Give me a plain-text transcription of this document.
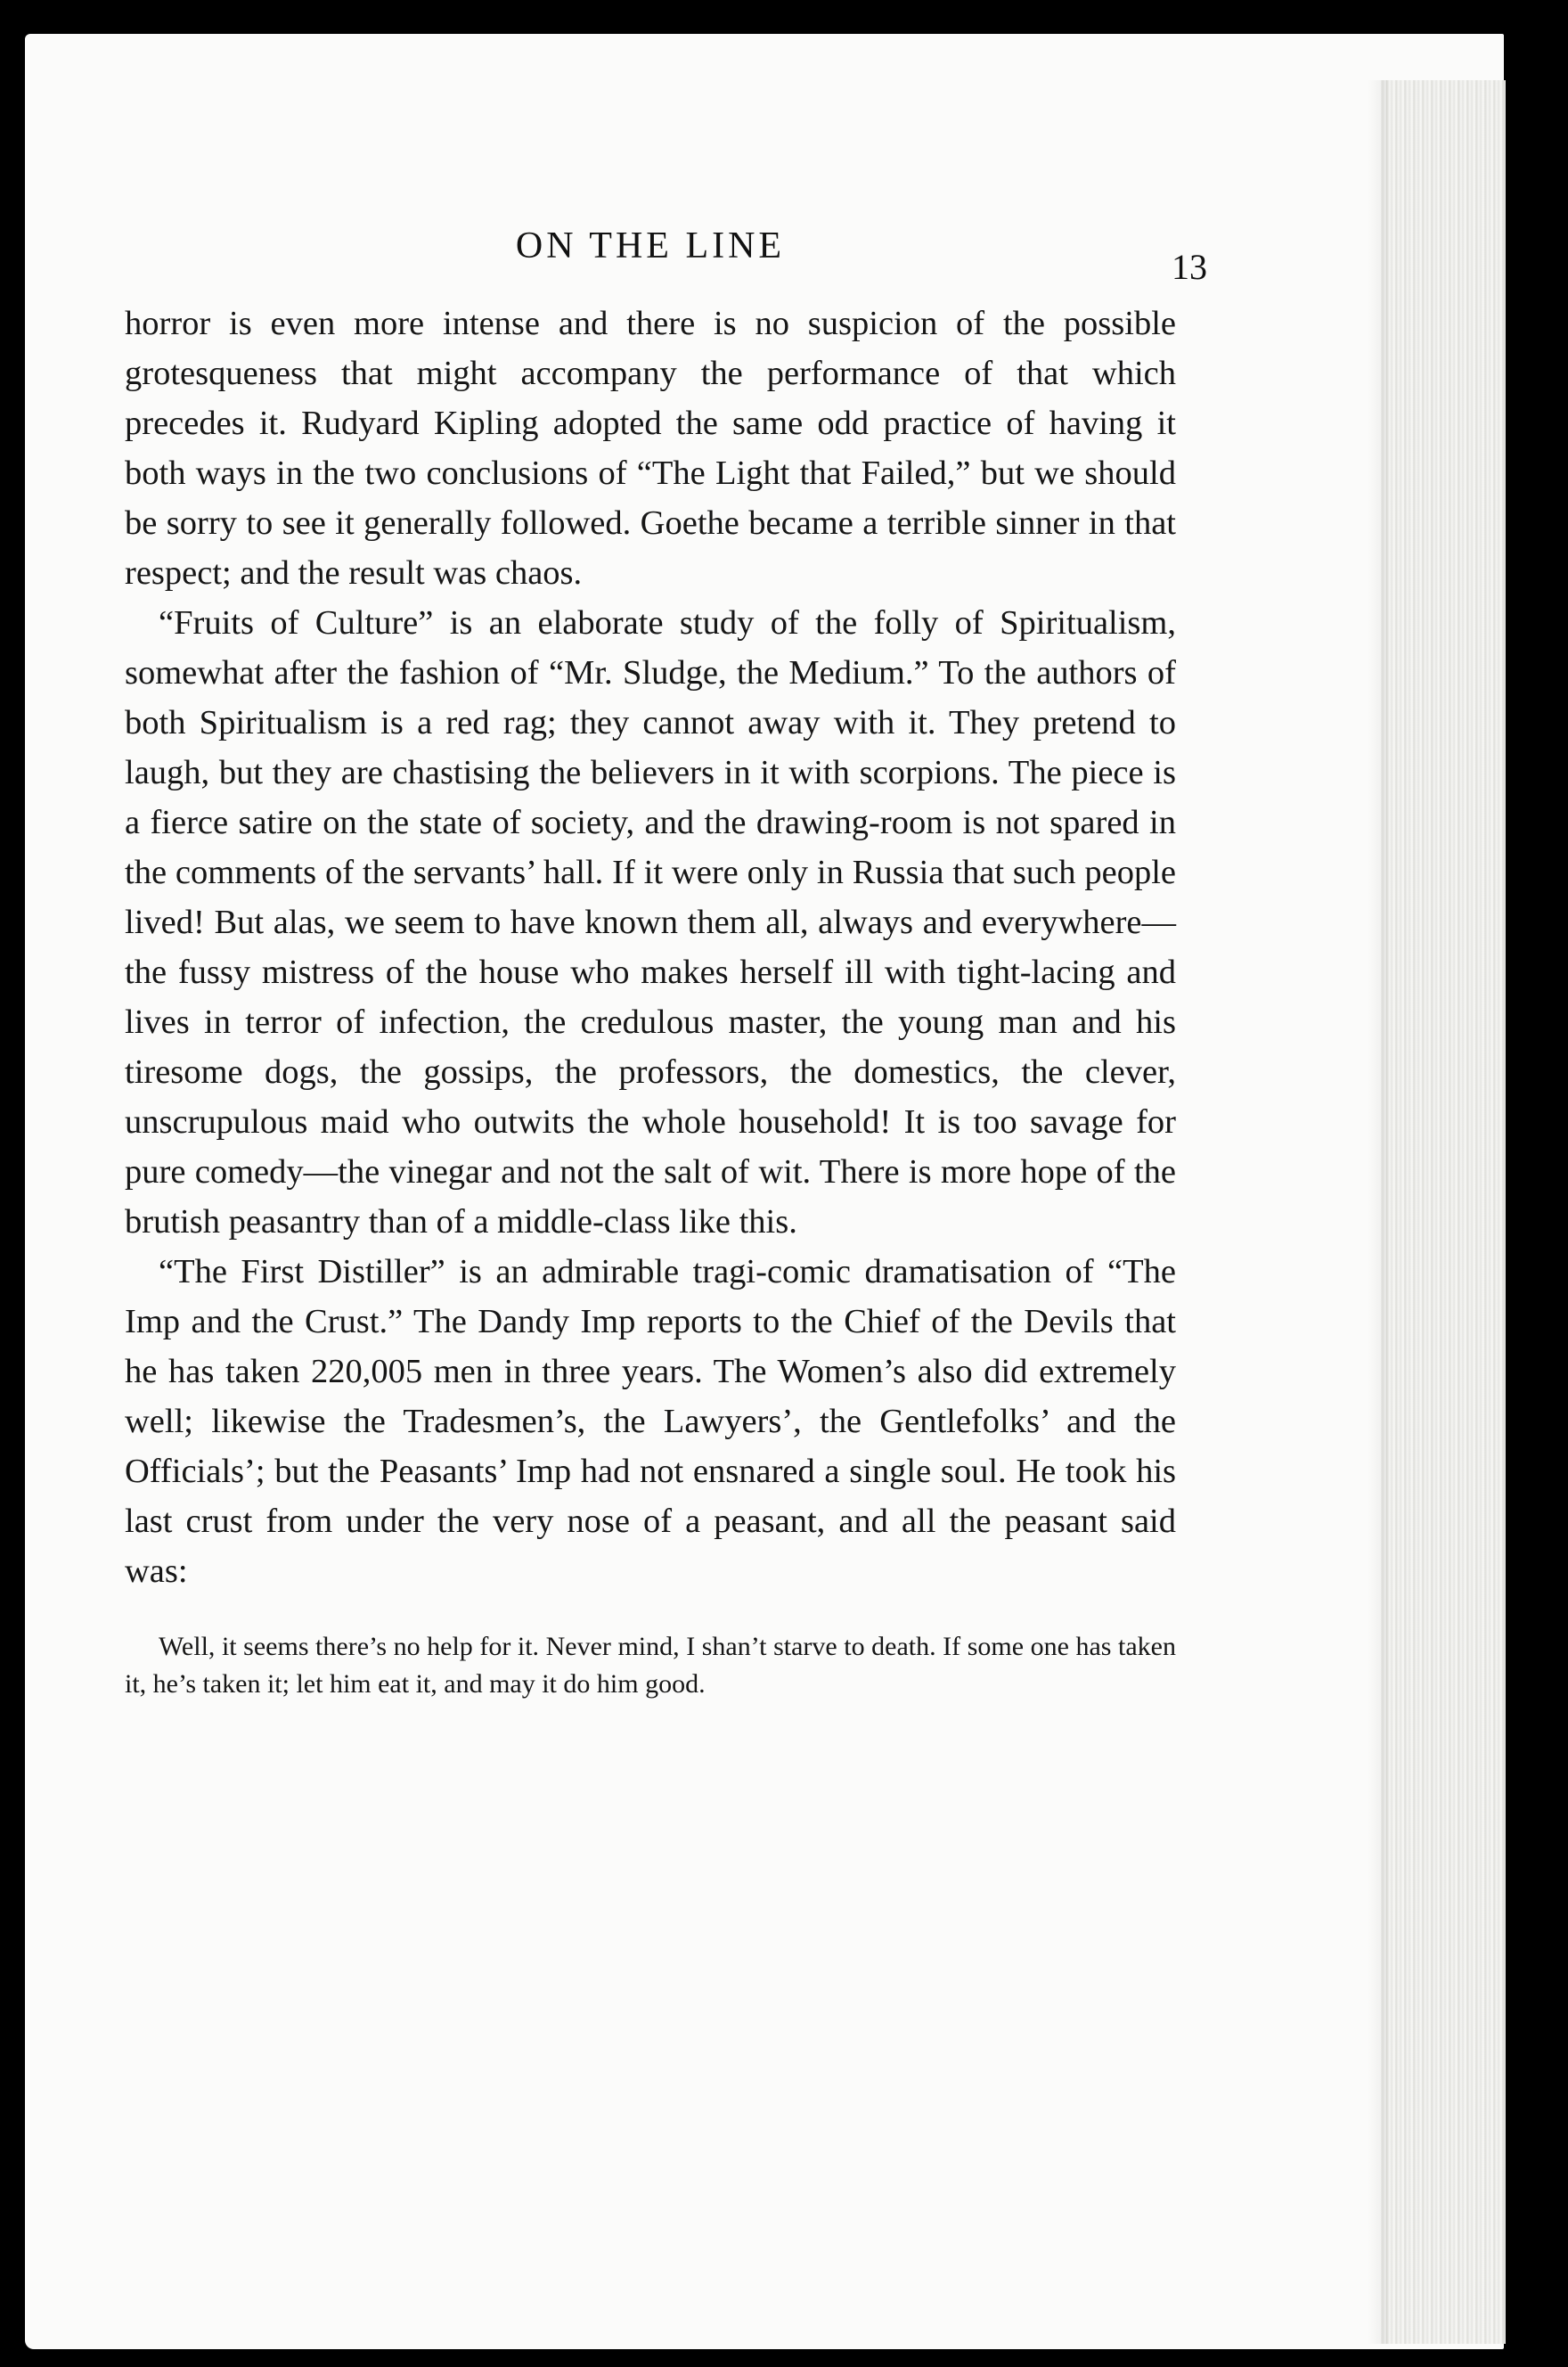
ON THE LINE
13

horror is even more intense and there is no suspicion of the possible grotesqueness that might accompany the performance of that which precedes it. Rudyard Kipling adopted the same odd practice of having it both ways in the two conclusions of “The Light that Failed,” but we should be sorry to see it generally followed. Goethe became a terrible sinner in that respect; and the result was chaos.

“Fruits of Culture” is an elaborate study of the folly of Spiritualism, somewhat after the fashion of “Mr. Sludge, the Medium.” To the authors of both Spiritualism is a red rag; they cannot away with it. They pretend to laugh, but they are chastising the believers in it with scorpions. The piece is a fierce satire on the state of society, and the drawing-room is not spared in the comments of the servants’ hall. If it were only in Russia that such people lived! But alas, we seem to have known them all, always and everywhere—the fussy mistress of the house who makes herself ill with tight-lacing and lives in terror of infection, the credulous master, the young man and his tiresome dogs, the gossips, the professors, the domestics, the clever, unscrupulous maid who outwits the whole household! It is too savage for pure comedy—the vinegar and not the salt of wit. There is more hope of the brutish peasantry than of a middle-class like this.

“The First Distiller” is an admirable tragi-comic dramatisation of “The Imp and the Crust.” The Dandy Imp reports to the Chief of the Devils that he has taken 220,005 men in three years. The Women’s also did extremely well; likewise the Tradesmen’s, the Lawyers’, the Gentlefolks’ and the Officials’; but the Peasants’ Imp had not ensnared a single soul. He took his last crust from under the very nose of a peasant, and all the peasant said was:

Well, it seems there’s no help for it. Never mind, I shan’t starve to death. If some one has taken it, he’s taken it; let him eat it, and may it do him good.
